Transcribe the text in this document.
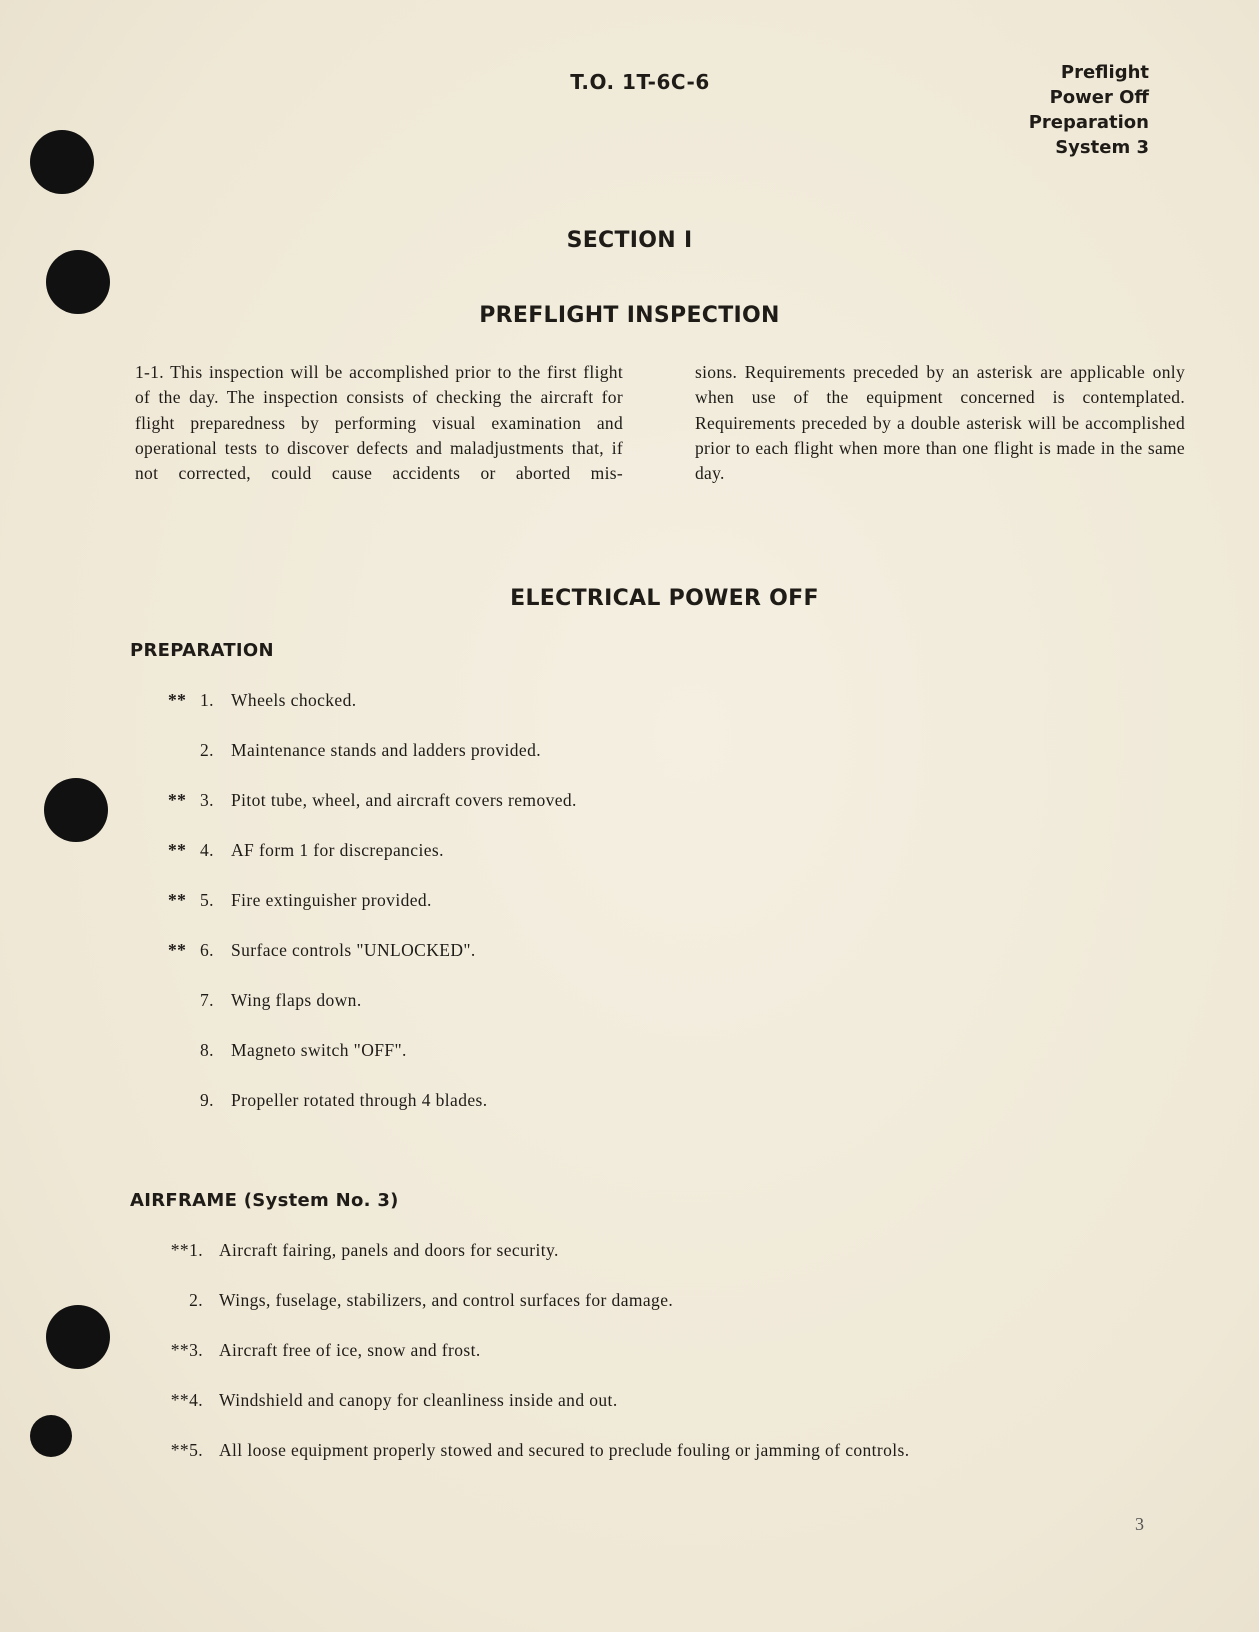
T.O. 1T-6C-6	Preflight
Power Off
Preparation
System 3
SECTION I
PREFLIGHT INSPECTION
1-1. This inspection will be accomplished prior to the first flight of the day. The inspection consists of checking the aircraft for flight preparedness by performing visual examination and operational tests to discover defects and maladjustments that, if not corrected, could cause accidents or aborted mis-
sions. Requirements preceded by an asterisk are applicable only when use of the equipment concerned is contemplated. Requirements preceded by a double asterisk will be accomplished prior to each flight when more than one flight is made in the same day.
ELECTRICAL POWER OFF
PREPARATION
** 1. Wheels chocked.
2. Maintenance stands and ladders provided.
** 3. Pitot tube, wheel, and aircraft covers removed.
** 4. AF form 1 for discrepancies.
** 5. Fire extinguisher provided.
** 6. Surface controls "UNLOCKED".
7. Wing flaps down.
8. Magneto switch "OFF".
9. Propeller rotated through 4 blades.
AIRFRAME (System No. 3)
**1. Aircraft fairing, panels and doors for security.
2. Wings, fuselage, stabilizers, and control surfaces for damage.
**3. Aircraft free of ice, snow and frost.
**4. Windshield and canopy for cleanliness inside and out.
**5. All loose equipment properly stowed and secured to preclude fouling or jamming of controls.
3
